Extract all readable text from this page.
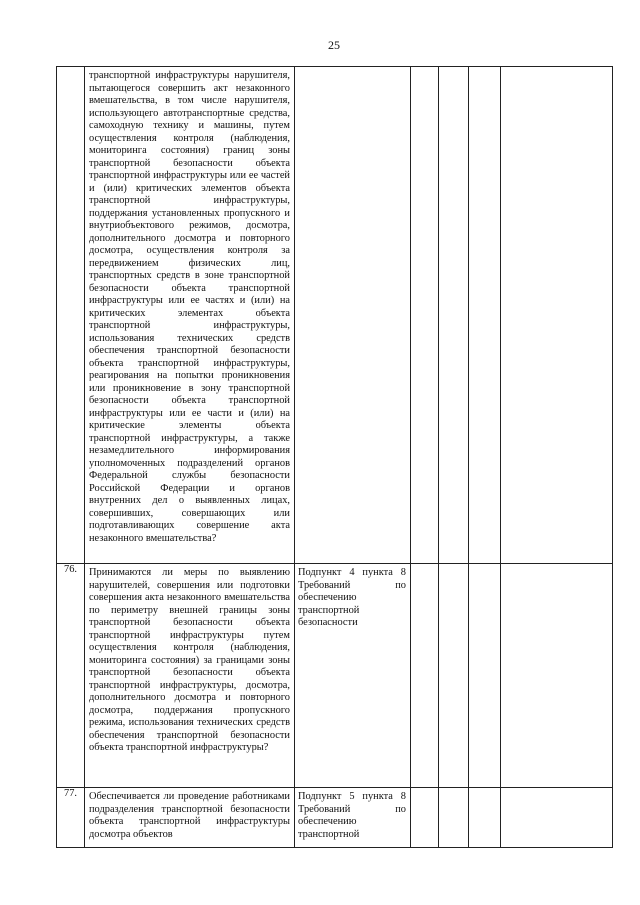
25

	транспортной инфраструктуры нарушителя, пытающегося совершить акт незаконного вмешательства, в том числе нарушителя, использующего автотранспортные средства, самоходную технику и машины, путем осуществления контроля (наблюдения, мониторинга состояния) границ зоны транспортной безопасности объекта транспортной инфраструктуры или ее частей и (или) критических элементов объекта транспортной инфраструктуры, поддержания установленных пропускного и внутриобъектового режимов, досмотра, дополнительного досмотра и повторного досмотра, осуществления контроля за передвижением физических лиц, транспортных средств в зоне транспортной безопасности объекта транспортной инфраструктуры или ее частях и (или) на критических элементах объекта транспортной инфраструктуры, использования технических средств обеспечения транспортной безопасности объекта транспортной инфраструктуры, реагирования на попытки проникновения или проникновение в зону транспортной безопасности объекта транспортной инфраструктуры или ее части и (или) на критические элементы объекта транспортной инфраструктуры, а также незамедлительного информирования уполномоченных подразделений органов Федеральной службы безопасности Российской Федерации и органов внутренних дел о выявленных лицах, совершивших, совершающих или подготавливающих совершение акта незаконного вмешательства?					

76.	Принимаются ли меры по выявлению нарушителей, совершения или подготовки совершения акта незаконного вмешательства по периметру внешней границы зоны транспортной безопасности объекта транспортной инфраструктуры путем осуществления контроля (наблюдения, мониторинга состояния) за границами зоны транспортной безопасности объекта транспортной инфраструктуры, досмотра, дополнительного досмотра и повторного досмотра, поддержания пропускного режима, использования технических средств обеспечения транспортной безопасности объекта транспортной инфраструктуры?	Подпункт 4 пункта 8 Требований по обеспечению транспортной безопасности				

77.	Обеспечивается ли проведение работниками подразделения транспортной безопасности объекта транспортной инфраструктуры досмотра объектов	Подпункт 5 пункта 8 Требований по обеспечению транспортной				
